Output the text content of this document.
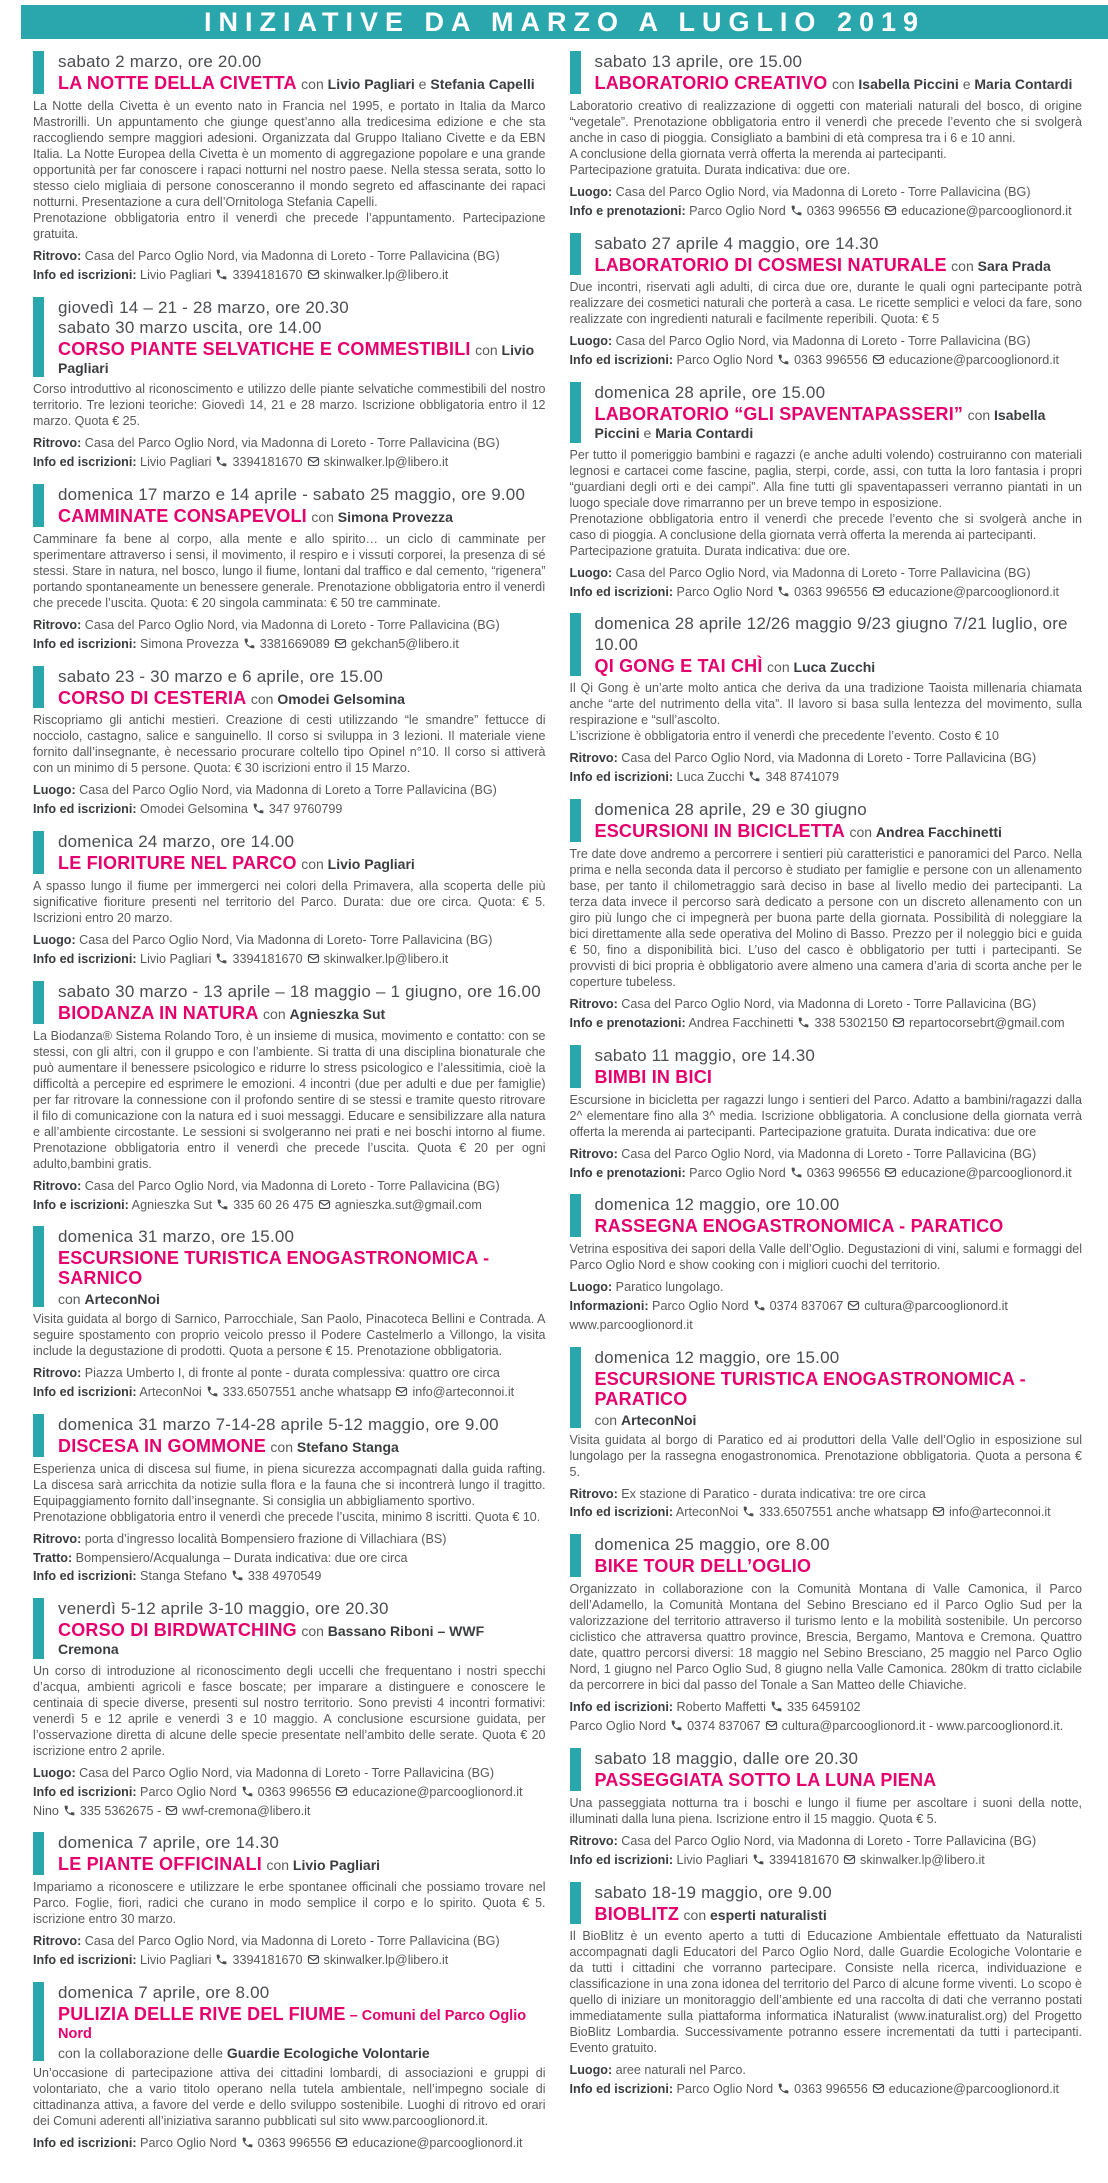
INIZIATIVE DA MARZO A LUGLIO 2019
sabato 2 marzo, ore 20.00
LA NOTTE DELLA CIVETTA con Livio Pagliari e Stefania Capelli

La Notte della Civetta è un evento nato in Francia nel 1995, e portato in Italia da Marco Mastrorilli. Un appuntamento che giunge quest’anno alla tredicesima edizione e che sta raccogliendo sempre maggiori adesioni. Organizzata dal Gruppo Italiano Civette e da EBN Italia. La Notte Europea della Civetta è un momento di aggregazione popolare e una grande opportunità per far conoscere i rapaci notturni nel nostro paese. Nella stessa serata, sotto lo stesso cielo migliaia di persone conosceranno il mondo segreto ed affascinante dei rapaci notturni. Presentazione a cura dell’Ornitologa Stefania Capelli.

Prenotazione obbligatoria entro il venerdì che precede l’appuntamento. Partecipazione gratuita.

Ritrovo: Casa del Parco Oglio Nord, via Madonna di Loreto - Torre Pallavicina (BG)
Info ed iscrizioni: Livio Pagliari 3394181670 skinwalker.lp@libero.it
giovedì 14 – 21 - 28 marzo, ore 20.30
sabato 30 marzo uscita, ore 14.00
CORSO PIANTE SELVATICHE E COMMESTIBILI con Livio Pagliari

Corso introduttivo al riconoscimento e utilizzo delle piante selvatiche commestibili del nostro territorio. Tre lezioni teoriche: Giovedì 14, 21 e 28 marzo. Iscrizione obbligatoria entro il 12 marzo. Quota € 25.

Ritrovo: Casa del Parco Oglio Nord, via Madonna di Loreto - Torre Pallavicina (BG)
Info ed iscrizioni: Livio Pagliari 3394181670 skinwalker.lp@libero.it
domenica 17 marzo e 14 aprile - sabato 25 maggio, ore 9.00
CAMMINATE CONSAPEVOLI con Simona Provezza

Camminare fa bene al corpo, alla mente e allo spirito… un ciclo di camminate per sperimentare attraverso i sensi, il movimento, il respiro e i vissuti corporei, la presenza di sé stessi. Stare in natura, nel bosco, lungo il fiume, lontani dal traffico e dal cemento, “rigenera” portando spontaneamente un benessere generale. Prenotazione obbligatoria entro il venerdì che precede l’uscita. Quota: € 20 singola camminata: € 50 tre camminate.

Ritrovo: Casa del Parco Oglio Nord, via Madonna di Loreto - Torre Pallavicina (BG)
Info ed iscrizioni: Simona Provezza 3381669089 gekchan5@libero.it
sabato 23 - 30 marzo e 6 aprile, ore 15.00
CORSO DI CESTERIA con Omodei Gelsomina

Riscopriamo gli antichi mestieri. Creazione di cesti utilizzando “le smandre” fettucce di nocciolo, castagno, salice e sanguinello. Il corso si sviluppa in 3 lezioni. Il materiale viene fornito dall’insegnante, è necessario procurare coltello tipo Opinel n°10. Il corso si attiverà con un minimo di 5 persone. Quota: € 30 iscrizioni entro il 15 Marzo.

Luogo: Casa del Parco Oglio Nord, via Madonna di Loreto a Torre Pallavicina (BG)
Info ed iscrizioni: Omodei Gelsomina 347 9760799
domenica 24 marzo, ore 14.00
LE FIORITURE NEL PARCO con Livio Pagliari

A spasso lungo il fiume per immergerci nei colori della Primavera, alla scoperta delle più significative fioriture presenti nel territorio del Parco. Durata: due ore circa. Quota: € 5. Iscrizioni entro 20 marzo.

Luogo: Casa del Parco Oglio Nord, Via Madonna di Loreto- Torre Pallavicina (BG)
Info ed iscrizioni: Livio Pagliari 3394181670 skinwalker.lp@libero.it
sabato 30 marzo - 13 aprile – 18 maggio – 1 giugno, ore 16.00
BIODANZA IN NATURA con Agnieszka Sut

La Biodanza® Sistema Rolando Toro, è un insieme di musica, movimento e contatto: con se stessi, con gli altri, con il gruppo e con l’ambiente. Si tratta di una disciplina bionaturale che può aumentare il benessere psicologico e ridurre lo stress psicologico e l’alessitimia, cioè la difficoltà a percepire ed esprimere le emozioni. 4 incontri (due per adulti e due per famiglie) per far ritrovare la connessione con il profondo sentire di se stessi e tramite questo ritrovare il filo di comunicazione con la natura ed i suoi messaggi. Educare e sensibilizzare alla natura e all’ambiente circostante. Le sessioni si svolgeranno nei prati e nei boschi intorno al fiume. Prenotazione obbligatoria entro il venerdì che precede l’uscita. Quota € 20 per ogni adulto,bambini gratis.

Ritrovo: Casa del Parco Oglio Nord, via Madonna di Loreto - Torre Pallavicina (BG)
Info e iscrizioni: Agnieszka Sut 335 60 26 475 agnieszka.sut@gmail.com
domenica 31 marzo, ore 15.00
ESCURSIONE TURISTICA ENOGASTRONOMICA - SARNICO
con ArteconNoi

Visita guidata al borgo di Sarnico, Parrocchiale, San Paolo, Pinacoteca Bellini e Contrada. A seguire spostamento con proprio veicolo presso il Podere Castelmerlo a Villongo, la visita include la degustazione di prodotti. Quota a persone € 15. Prenotazione obbligatoria.

Ritrovo: Piazza Umberto I, di fronte al ponte - durata complessiva: quattro ore circa
Info ed iscrizioni: ArteconNoi 333.6507551 anche whatsapp info@arteconnoi.it
domenica 31 marzo 7-14-28 aprile 5-12 maggio, ore 9.00
DISCESA IN GOMMONE con Stefano Stanga

Esperienza unica di discesa sul fiume, in piena sicurezza accompagnati dalla guida rafting. La discesa sarà arricchita da notizie sulla flora e la fauna che si incontrerà lungo il tragitto. Equipaggiamento fornito dall’insegnante. Si consiglia un abbigliamento sportivo.

Prenotazione obbligatoria entro il venerdì che precede l’uscita, minimo 8 iscritti. Quota € 10.

Ritrovo: porta d’ingresso località Bompensiero frazione di Villachiara (BS)
Tratto: Bompensiero/Acqualunga – Durata indicativa: due ore circa
Info ed iscrizioni: Stanga Stefano 338 4970549
venerdì 5-12 aprile 3-10 maggio, ore 20.30
CORSO DI BIRDWATCHING con Bassano Riboni – WWF Cremona

Un corso di introduzione al riconoscimento degli uccelli che frequentano i nostri specchi d’acqua, ambienti agricoli e fasce boscate; per imparare a distinguere e conoscere le centinaia di specie diverse, presenti sul nostro territorio. Sono previsti 4 incontri formativi: venerdì 5 e 12 aprile e venerdì 3 e 10 maggio. A conclusione escursione guidata, per l’osservazione diretta di alcune delle specie presentate nell’ambito delle serate. Quota € 20 iscrizione entro 2 aprile.

Luogo: Casa del Parco Oglio Nord, via Madonna di Loreto - Torre Pallavicina (BG)
Info ed iscrizioni: Parco Oglio Nord 0363 996556 educazione@parcooglionord.it
Nino 335 5362675 - wwf-cremona@libero.it
domenica 7 aprile, ore 14.30
LE PIANTE OFFICINALI con Livio Pagliari

Impariamo a riconoscere e utilizzare le erbe spontanee officinali che possiamo trovare nel Parco. Foglie, fiori, radici che curano in modo semplice il corpo e lo spirito. Quota € 5. iscrizione entro 30 marzo.

Ritrovo: Casa del Parco Oglio Nord, via Madonna di Loreto - Torre Pallavicina (BG)
Info ed iscrizioni: Livio Pagliari 3394181670 skinwalker.lp@libero.it
domenica 7 aprile, ore 8.00
PULIZIA DELLE RIVE DEL FIUME – Comuni del Parco Oglio Nord
con la collaborazione delle Guardie Ecologiche Volontarie

Un’occasione di partecipazione attiva dei cittadini lombardi, di associazioni e gruppi di volontariato, che a vario titolo operano nella tutela ambientale, nell’impegno sociale di cittadinanza attiva, a favore del verde e dello sviluppo sostenibile. Luoghi di ritrovo ed orari dei Comuni aderenti all’iniziativa saranno pubblicati sul sito www.parcooglionord.it.

Info ed iscrizioni: Parco Oglio Nord 0363 996556 educazione@parcooglionord.it
sabato 13 aprile, ore 15.00
LABORATORIO CREATIVO con Isabella Piccini e Maria Contardi

Laboratorio creativo di realizzazione di oggetti con materiali naturali del bosco, di origine “vegetale”. Prenotazione obbligatoria entro il venerdì che precede l’evento che si svolgerà anche in caso di pioggia. Consigliato a bambini di età compresa tra i 6 e 10 anni.

A conclusione della giornata verrà offerta la merenda ai partecipanti.

Partecipazione gratuita. Durata indicativa: due ore.

Luogo: Casa del Parco Oglio Nord, via Madonna di Loreto - Torre Pallavicina (BG)
Info e prenotazioni: Parco Oglio Nord 0363 996556 educazione@parcooglionord.it
sabato 27 aprile 4 maggio, ore 14.30
LABORATORIO DI COSMESI NATURALE con Sara Prada

Due incontri, riservati agli adulti, di circa due ore, durante le quali ogni partecipante potrà realizzare dei cosmetici naturali che porterà a casa. Le ricette semplici e veloci da fare, sono realizzate con ingredienti naturali e facilmente reperibili. Quota: € 5

Luogo: Casa del Parco Oglio Nord, via Madonna di Loreto - Torre Pallavicina (BG)
Info ed iscrizioni: Parco Oglio Nord 0363 996556 educazione@parcooglionord.it
domenica 28 aprile, ore 15.00
LABORATORIO “GLI SPAVENTAPASSERI” con Isabella Piccini e Maria Contardi

Per tutto il pomeriggio bambini e ragazzi (e anche adulti volendo) costruiranno con materiali legnosi e cartacei come fascine, paglia, sterpi, corde, assi, con tutta la loro fantasia i propri “guardiani degli orti e dei campi”. Alla fine tutti gli spaventapasseri verranno piantati in un luogo speciale dove rimarranno per un breve tempo in esposizione.

Prenotazione obbligatoria entro il venerdì che precede l’evento che si svolgerà anche in caso di pioggia. A conclusione della giornata verrà offerta la merenda ai partecipanti.

Partecipazione gratuita. Durata indicativa: due ore.

Luogo: Casa del Parco Oglio Nord, via Madonna di Loreto - Torre Pallavicina (BG)
Info ed iscrizioni: Parco Oglio Nord 0363 996556 educazione@parcooglionord.it
domenica 28 aprile 12/26 maggio 9/23 giugno 7/21 luglio, ore 10.00
QI GONG E TAI CHÌ con Luca Zucchi

Il Qi Gong è un’arte molto antica che deriva da una tradizione Taoista millenaria chiamata anche “arte del nutrimento della vita”. Il lavoro si basa sulla lentezza del movimento, sulla respirazione e “sull’ascolto.

L’iscrizione è obbligatoria entro il venerdì che precedente l’evento. Costo € 10

Ritrovo: Casa del Parco Oglio Nord, via Madonna di Loreto - Torre Pallavicina (BG)
Info ed iscrizioni: Luca Zucchi 348 8741079
domenica 28 aprile, 29 e 30 giugno
ESCURSIONI IN BICICLETTA con Andrea Facchinetti

Tre date dove andremo a percorrere i sentieri più caratteristici e panoramici del Parco. Nella prima e nella seconda data il percorso è studiato per famiglie e persone con un allenamento base, per tanto il chilometraggio sarà deciso in base al livello medio dei partecipanti. La terza data invece il percorso sarà dedicato a persone con un discreto allenamento con un giro più lungo che ci impegnerà per buona parte della giornata. Possibilità di noleggiare la bici direttamente alla sede operativa del Molino di Basso. Prezzo per il noleggio bici e guida € 50, fino a disponibilità bici. L’uso del casco è obbligatorio per tutti i partecipanti. Se provvisti di bici propria è obbligatorio avere almeno una camera d’aria di scorta anche per le coperture tubeless.

Ritrovo: Casa del Parco Oglio Nord, via Madonna di Loreto - Torre Pallavicina (BG)
Info e prenotazioni: Andrea Facchinetti 338 5302150 repartocorsebrt@gmail.com
sabato 11 maggio, ore 14.30
BIMBI IN BICI

Escursione in bicicletta per ragazzi lungo i sentieri del Parco. Adatto a bambini/ragazzi dalla 2^ elementare fino alla 3^ media. Iscrizione obbligatoria. A conclusione della giornata verrà offerta la merenda ai partecipanti. Partecipazione gratuita. Durata indicativa: due ore

Ritrovo: Casa del Parco Oglio Nord, via Madonna di Loreto - Torre Pallavicina (BG)
Info e prenotazioni: Parco Oglio Nord 0363 996556 educazione@parcooglionord.it
domenica 12 maggio, ore 10.00
RASSEGNA ENOGASTRONOMICA - PARATICO

Vetrina espositiva dei sapori della Valle dell’Oglio. Degustazioni di vini, salumi e formaggi del Parco Oglio Nord e show cooking con i migliori cuochi del territorio.

Luogo: Paratico lungolago.
Informazioni: Parco Oglio Nord 0374 837067 cultura@parcooglionord.it
www.parcooglionord.it
domenica 12 maggio, ore 15.00
ESCURSIONE TURISTICA ENOGASTRONOMICA - PARATICO
con ArteconNoi

Visita guidata al borgo di Paratico ed ai produttori della Valle dell’Oglio in esposizione sul lungolago per la rassegna enogastronomica. Prenotazione obbligatoria. Quota a persona € 5.

Ritrovo: Ex stazione di Paratico - durata indicativa: tre ore circa
Info ed iscrizioni: ArteconNoi 333.6507551 anche whatsapp info@arteconnoi.it
domenica 25 maggio, ore 8.00
BIKE TOUR DELL’OGLIO

Organizzato in collaborazione con la Comunità Montana di Valle Camonica, il Parco dell’Adamello, la Comunità Montana del Sebino Bresciano ed il Parco Oglio Sud per la valorizzazione del territorio attraverso il turismo lento e la mobilità sostenibile. Un percorso ciclistico che attraversa quattro province, Brescia, Bergamo, Mantova e Cremona. Quattro date, quattro percorsi diversi: 18 maggio nel Sebino Bresciano, 25 maggio nel Parco Oglio Nord, 1 giugno nel Parco Oglio Sud, 8 giugno nella Valle Camonica. 280km di tratto ciclabile da percorrere in bici dal passo del Tonale a San Matteo delle Chiaviche.

Info ed iscrizioni: Roberto Maffetti 335 6459102
Parco Oglio Nord 0374 837067 cultura@parcooglionord.it - www.parcooglionord.it.
sabato 18 maggio, dalle ore 20.30
PASSEGGIATA SOTTO LA LUNA PIENA

Una passeggiata notturna tra i boschi e lungo il fiume per ascoltare i suoni della notte, illuminati dalla luna piena. Iscrizione entro il 15 maggio. Quota € 5.

Ritrovo: Casa del Parco Oglio Nord, via Madonna di Loreto - Torre Pallavicina (BG)
Info ed iscrizioni: Livio Pagliari 3394181670 skinwalker.lp@libero.it
sabato 18-19 maggio, ore 9.00
BIOBLITZ con esperti naturalisti

Il BioBlitz è un evento aperto a tutti di Educazione Ambientale effettuato da Naturalisti accompagnati dagli Educatori del Parco Oglio Nord, dalle Guardie Ecologiche Volontarie e da tutti i cittadini che vorranno partecipare. Consiste nella ricerca, individuazione e classificazione in una zona idonea del territorio del Parco di alcune forme viventi. Lo scopo è quello di iniziare un monitoraggio dell’ambiente ed una raccolta di dati che verranno postati immediatamente sulla piattaforma informatica iNaturalist (www.inaturalist.org) del Progetto BioBlitz Lombardia. Successivamente potranno essere incrementati da tutti i partecipanti. Evento gratuito.

Luogo: aree naturali nel Parco.
Info ed iscrizioni: Parco Oglio Nord 0363 996556 educazione@parcooglionord.it
